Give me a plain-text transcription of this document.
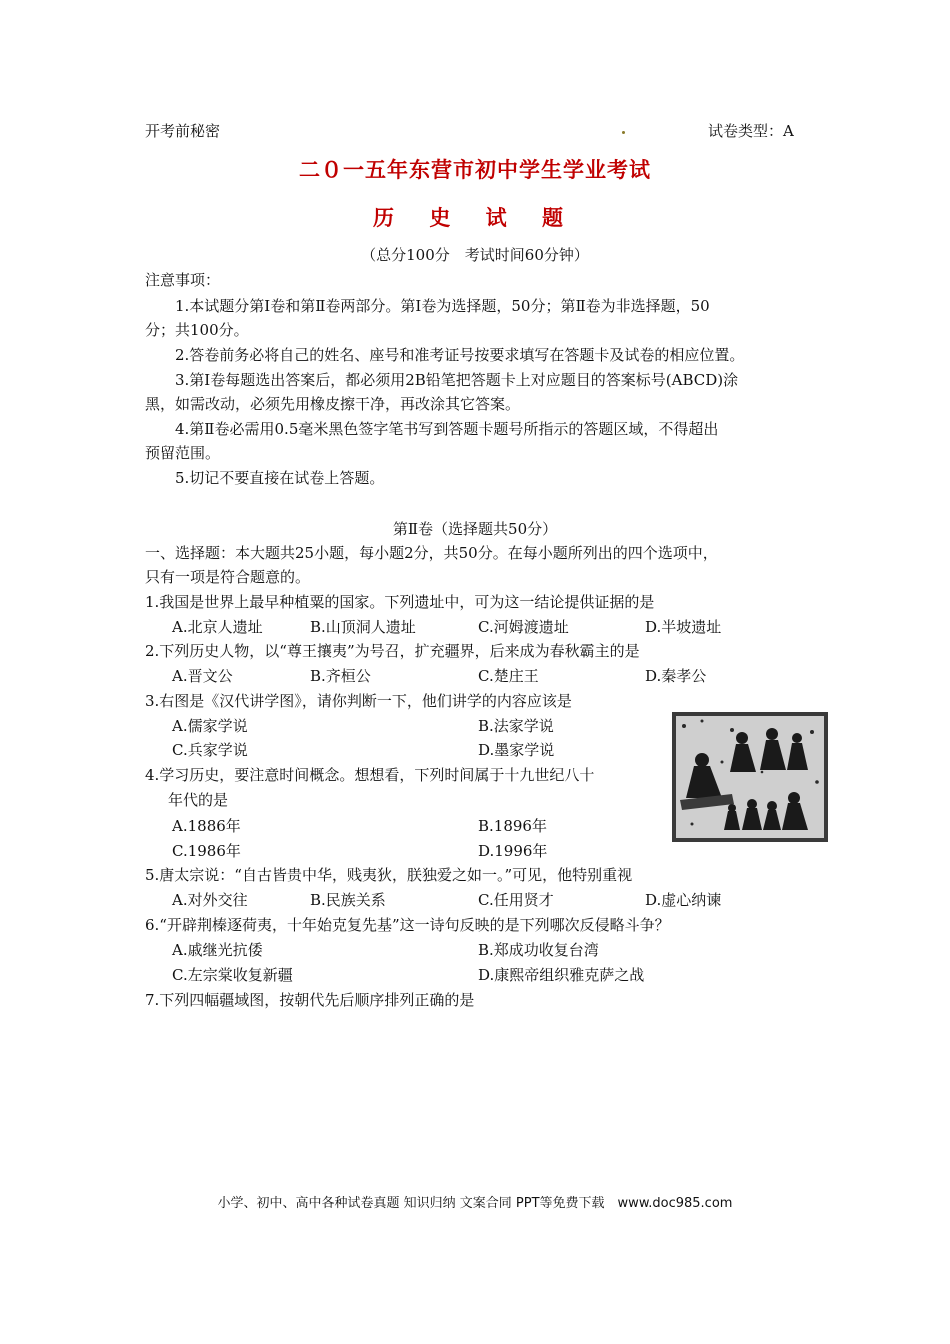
开考前秘密	试卷类型：A
二０一五年东营市初中学生学业考试
历 史 试 题
（总分100分　考试时间60分钟）
注意事项：
1.本试题分第Ⅰ卷和第Ⅱ卷两部分。第Ⅰ卷为选择题，50分；第Ⅱ卷为非选择题，50
分；共100分。
2.答卷前务必将自己的姓名、座号和准考证号按要求填写在答题卡及试卷的相应位置。
3.第Ⅰ卷每题选出答案后，都必须用2B铅笔把答题卡上对应题目的答案标号(ABCD)涂
黑，如需改动，必须先用橡皮擦干净，再改涂其它答案。
4.第Ⅱ卷必需用0.5毫米黑色签字笔书写到答题卡题号所指示的答题区域，不得超出
预留范围。
5.切记不要直接在试卷上答题。
第Ⅱ卷（选择题共50分）
一、选择题：本大题共25小题，每小题2分，共50分。在每小题所列出的四个选项中，
只有一项是符合题意的。
1.我国是世界上最早种植粟的国家。下列遗址中，可为这一结论提供证据的是
A.北京人遗址	B.山顶洞人遗址	C.河姆渡遗址	D.半坡遗址
2.下列历史人物，以“尊王攘夷”为号召，扩充疆界，后来成为春秋霸主的是
A.晋文公	B.齐桓公	C.楚庄王	D.秦孝公
3.右图是《汉代讲学图》，请你判断一下，他们讲学的内容应该是
A.儒家学说	B.法家学说
C.兵家学说	D.墨家学说
4.学习历史，要注意时间概念。想想看，下列时间属于十九世纪八十
年代的是
A.1886年	B.1896年
C.1986年	D.1996年
5.唐太宗说：“自古皆贵中华，贱夷狄，朕独爱之如一。”可见，他特别重视
A.对外交往	B.民族关系	C.任用贤才	D.虚心纳谏
6.“开辟荆榛逐荷夷，十年始克复先基”这一诗句反映的是下列哪次反侵略斗争？
A.戚继光抗倭	B.郑成功收复台湾
C.左宗棠收复新疆	D.康熙帝组织雅克萨之战
7.下列四幅疆域图，按朝代先后顺序排列正确的是
小学、初中、高中各种试卷真题 知识归纳 文案合同 PPT等免费下载　www.doc985.com
